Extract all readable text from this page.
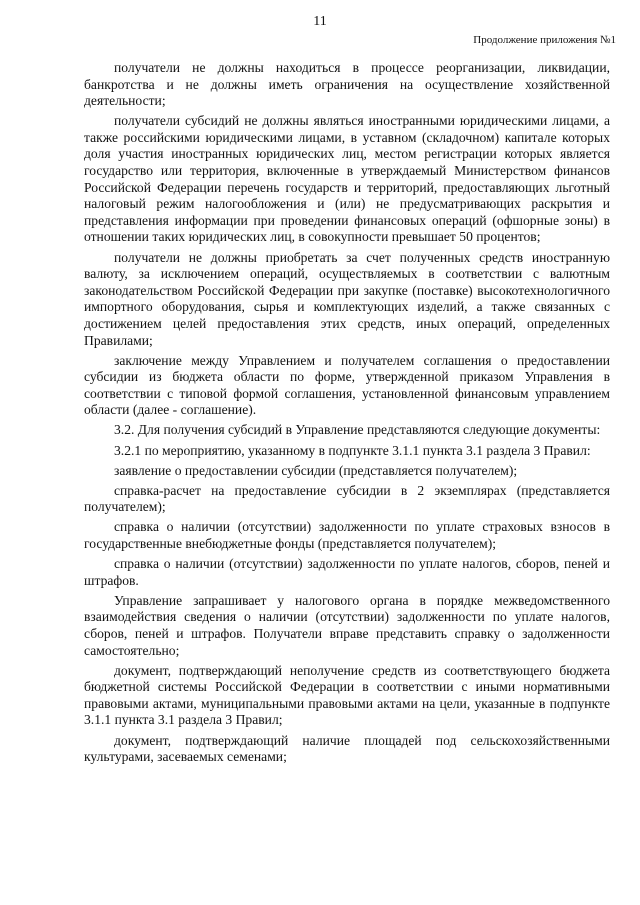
11
Продолжение приложения №1

получатели не должны находиться в процессе реорганизации, ликвидации, банкротства и не должны иметь ограничения на осуществление хозяйственной деятельности;

получатели субсидий не должны являться иностранными юридическими лицами, а также российскими юридическими лицами, в уставном (складочном) капитале которых доля участия иностранных юридических лиц, местом регистрации которых является государство или территория, включенные в утверждаемый Министерством финансов Российской Федерации перечень государств и территорий, предоставляющих льготный налоговый режим налогообложения и (или) не предусматривающих раскрытия и представления информации при проведении финансовых операций (офшорные зоны) в отношении таких юридических лиц, в совокупности превышает 50 процентов;

получатели не должны приобретать за счет полученных средств иностранную валюту, за исключением операций, осуществляемых в соответствии с валютным законодательством Российской Федерации при закупке (поставке) высокотехнологичного импортного оборудования, сырья и комплектующих изделий, а также связанных с достижением целей предоставления этих средств, иных операций, определенных Правилами;

заключение между Управлением и получателем соглашения о предоставлении субсидии из бюджета области по форме, утвержденной приказом Управления в соответствии с типовой формой соглашения, установленной финансовым управлением области (далее - соглашение).

3.2. Для получения субсидий в Управление представляются следующие документы:

3.2.1 по мероприятию, указанному в подпункте 3.1.1 пункта 3.1 раздела 3 Правил:

заявление о предоставлении субсидии (представляется получателем);

справка-расчет на предоставление субсидии в 2 экземплярах (представляется получателем);

справка о наличии (отсутствии) задолженности по уплате страховых взносов в государственные внебюджетные фонды (представляется получателем);

справка о наличии (отсутствии) задолженности по уплате налогов, сборов, пеней и штрафов.

Управление запрашивает у налогового органа в порядке межведомственного взаимодействия сведения о наличии (отсутствии) задолженности по уплате налогов, сборов, пеней и штрафов. Получатели вправе представить справку о задолженности самостоятельно;

документ, подтверждающий неполучение средств из соответствующего бюджета бюджетной системы Российской Федерации в соответствии с иными нормативными правовыми актами, муниципальными правовыми актами на цели, указанные в подпункте 3.1.1 пункта 3.1 раздела 3 Правил;

документ, подтверждающий наличие площадей под сельскохозяйственными культурами, засеваемых семенами;
